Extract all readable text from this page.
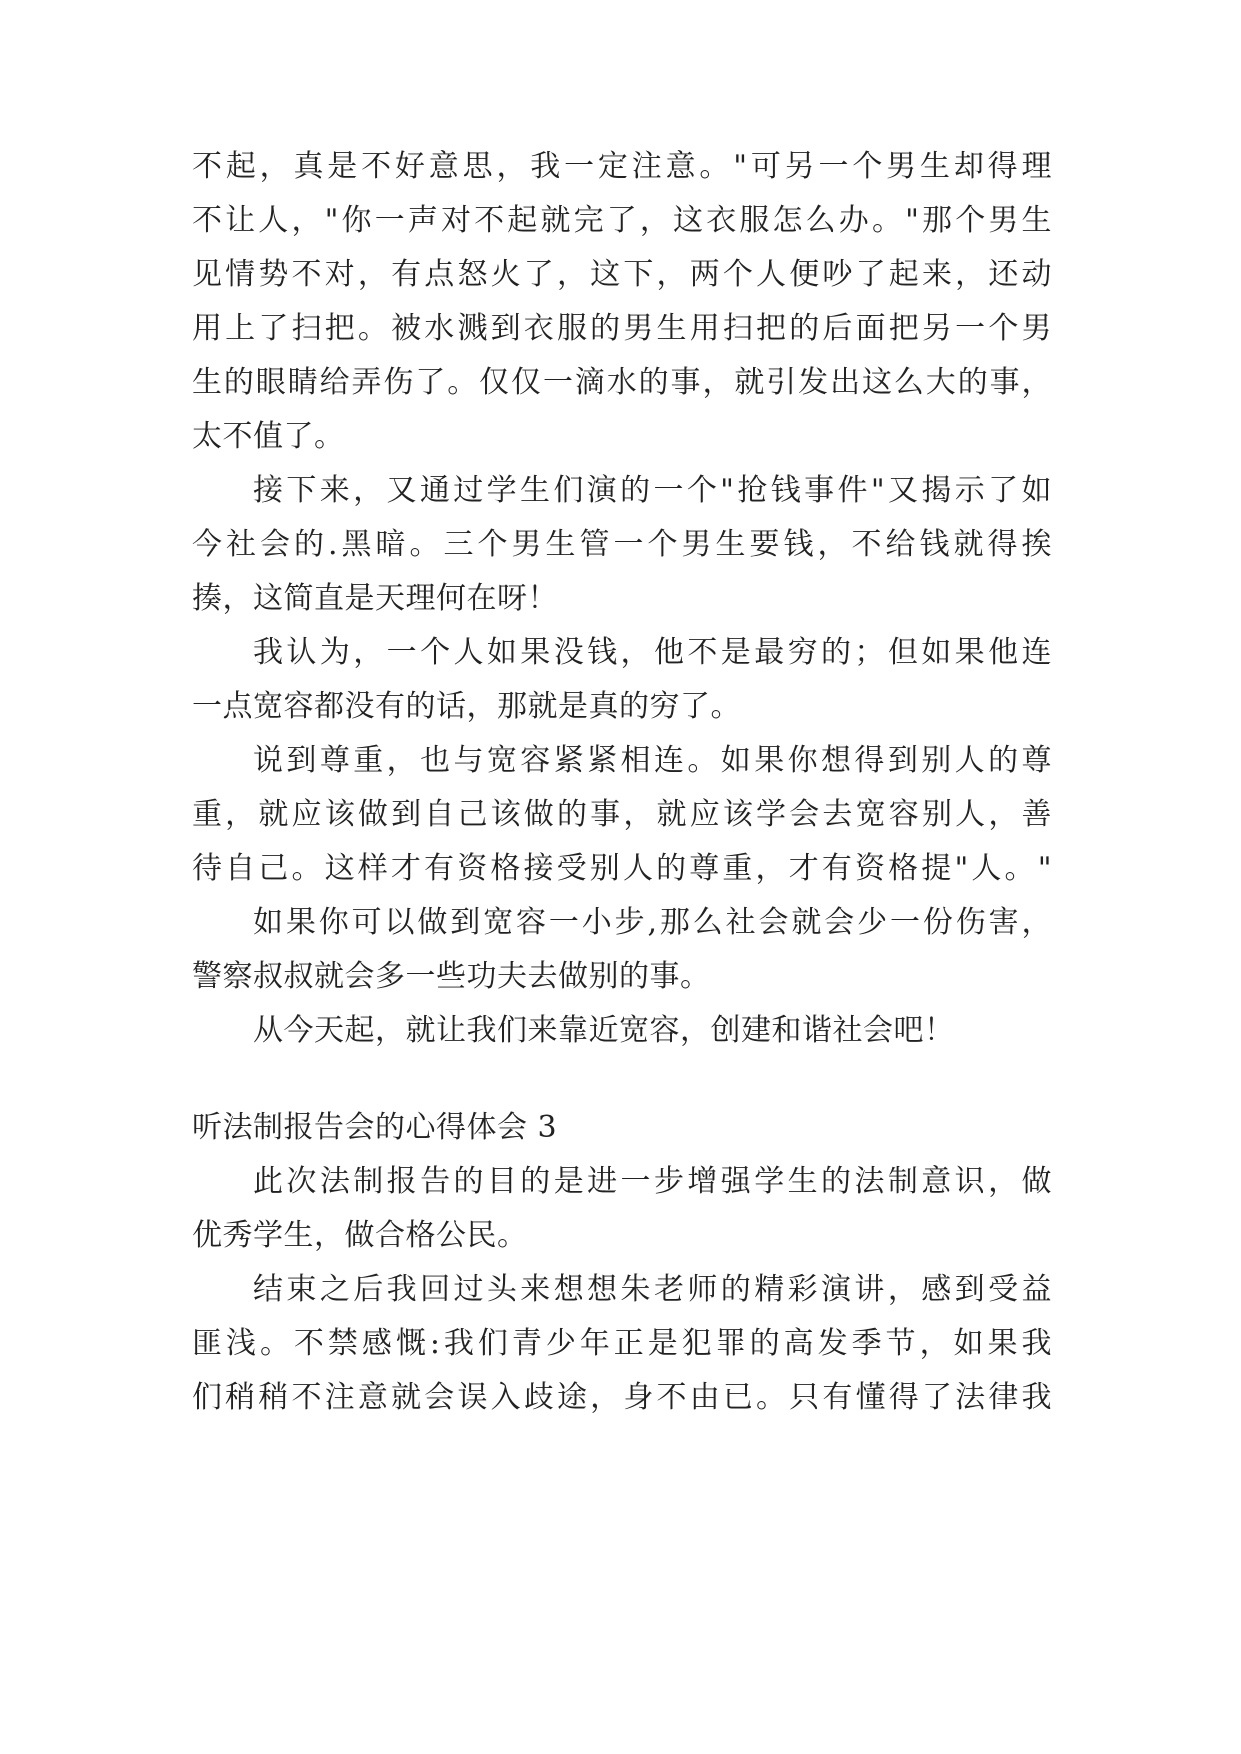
不起，真是不好意思，我一定注意。"可另一个男生却得理
不让人，"你一声对不起就完了，这衣服怎么办。"那个男生
见情势不对，有点怒火了，这下，两个人便吵了起来，还动
用上了扫把。被水溅到衣服的男生用扫把的后面把另一个男
生的眼睛给弄伤了。仅仅一滴水的事，就引发出这么大的事，
太不值了。
接下来，又通过学生们演的一个"抢钱事件"又揭示了如
今社会的.黑暗。三个男生管一个男生要钱，不给钱就得挨
揍，这简直是天理何在呀！
我认为，一个人如果没钱，他不是最穷的；但如果他连
一点宽容都没有的话，那就是真的穷了。
说到尊重，也与宽容紧紧相连。如果你想得到别人的尊
重，就应该做到自己该做的事，就应该学会去宽容别人，善
待自己。这样才有资格接受别人的尊重，才有资格提"人。"
如果你可以做到宽容一小步,那么社会就会少一份伤害，
警察叔叔就会多一些功夫去做别的事。
从今天起，就让我们来靠近宽容，创建和谐社会吧！
听法制报告会的心得体会 3
此次法制报告的目的是进一步增强学生的法制意识，做
优秀学生，做合格公民。
结束之后我回过头来想想朱老师的精彩演讲，感到受益
匪浅。不禁感慨:我们青少年正是犯罪的高发季节，如果我
们稍稍不注意就会误入歧途，身不由已。只有懂得了法律我
